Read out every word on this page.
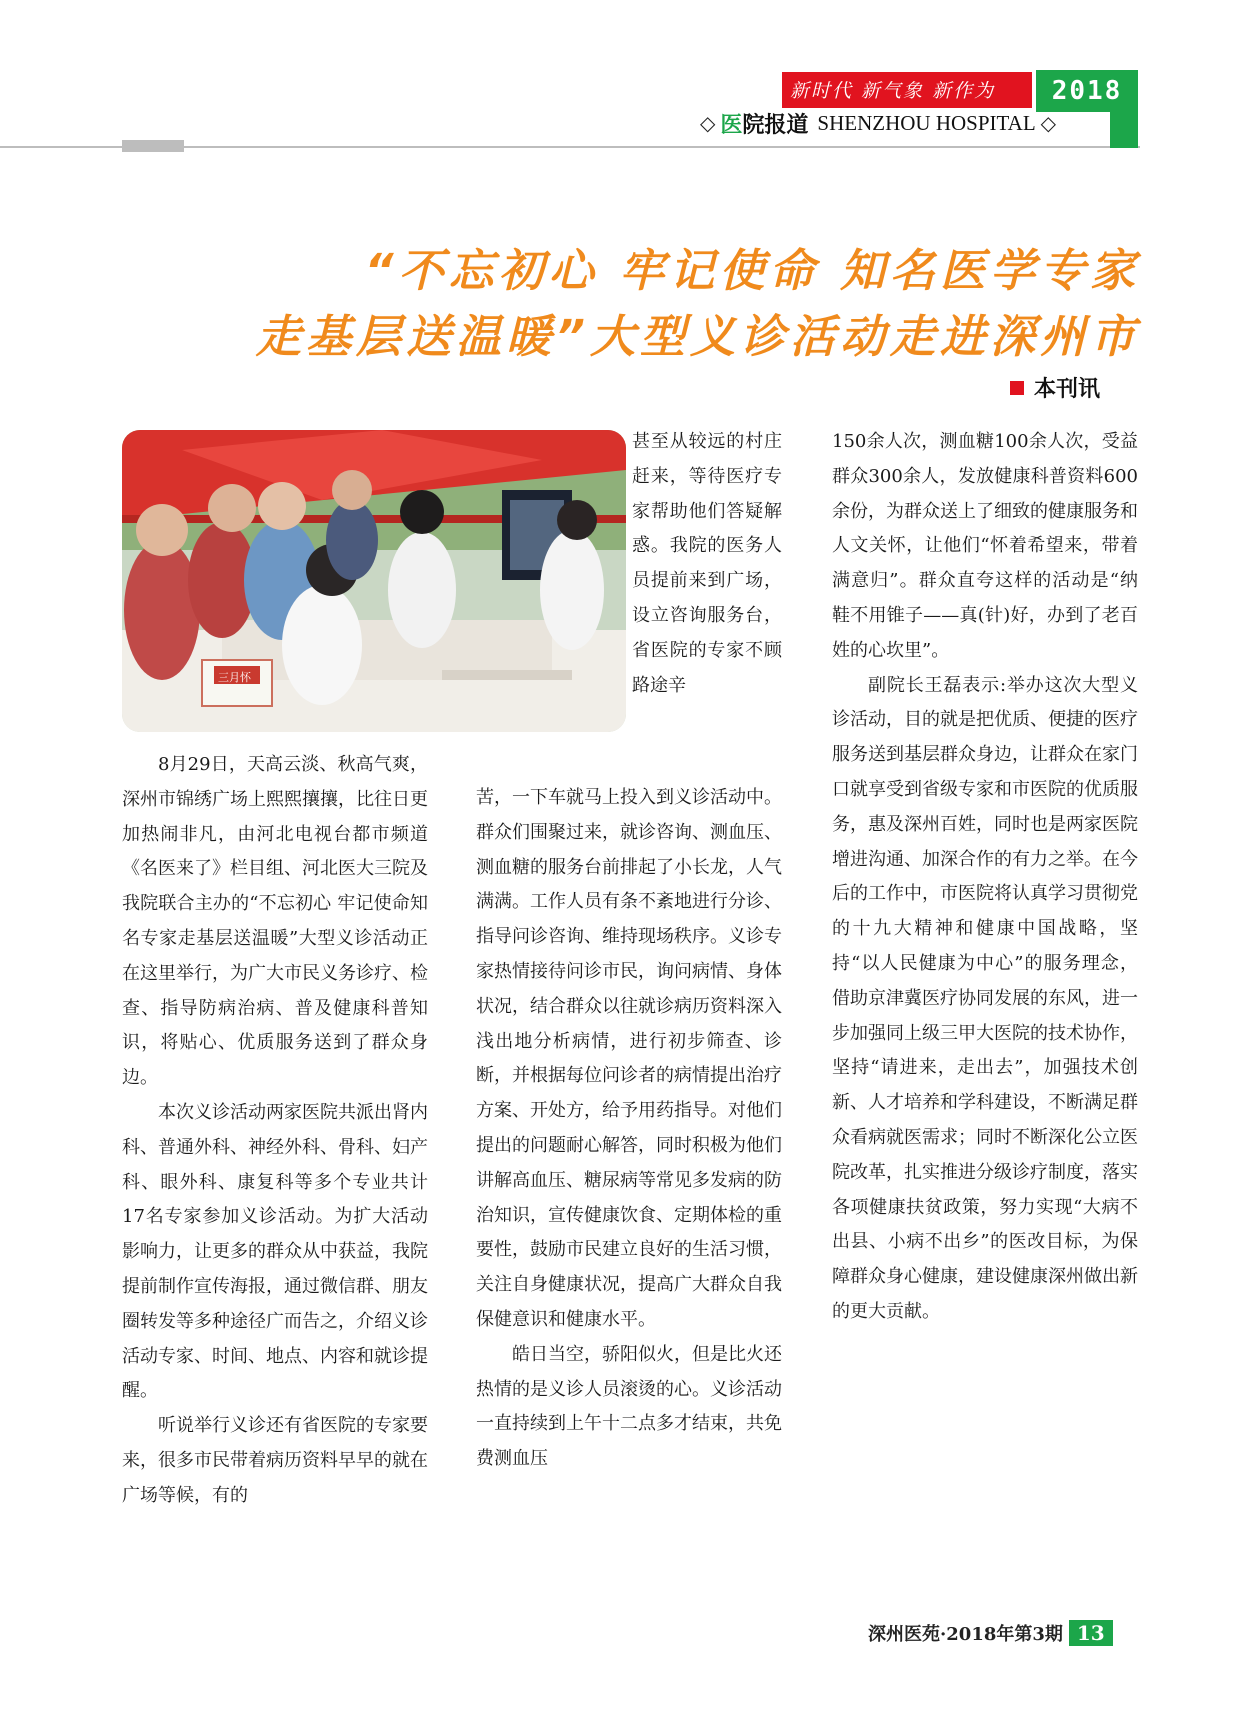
新时代 新气象 新作为	2018
◇ 医院报道 SHENZHOU HOSPITAL ◇
“不忘初心 牢记使命 知名医学专家
走基层送温暖”大型义诊活动走进深州市
本刊讯
三月怀

8月29日，天高云淡、秋高气爽，深州市锦绣广场上熙熙攘攘，比往日更加热闹非凡，由河北电视台都市频道《名医来了》栏目组、河北医大三院及我院联合主办的“不忘初心 牢记使命知名专家走基层送温暖”大型义诊活动正在这里举行，为广大市民义务诊疗、检查、指导防病治病、普及健康科普知识，将贴心、优质服务送到了群众身边。

本次义诊活动两家医院共派出肾内科、普通外科、神经外科、骨科、妇产科、眼外科、康复科等多个专业共计17名专家参加义诊活动。为扩大活动影响力，让更多的群众从中获益，我院提前制作宣传海报，通过微信群、朋友圈转发等多种途径广而告之，介绍义诊活动专家、时间、地点、内容和就诊提醒。

听说举行义诊还有省医院的专家要来，很多市民带着病历资料早早的就在广场等候，有的

甚至从较远的村庄赶来，等待医疗专家帮助他们答疑解惑。我院的医务人员提前来到广场，设立咨询服务台，省医院的专家不顾路途辛

苦，一下车就马上投入到义诊活动中。群众们围聚过来，就诊咨询、测血压、测血糖的服务台前排起了小长龙，人气满满。工作人员有条不紊地进行分诊、指导问诊咨询、维持现场秩序。义诊专家热情接待问诊市民，询问病情、身体状况，结合群众以往就诊病历资料深入浅出地分析病情，进行初步筛查、诊断，并根据每位问诊者的病情提出治疗方案、开处方，给予用药指导。对他们提出的问题耐心解答，同时积极为他们讲解高血压、糖尿病等常见多发病的防治知识，宣传健康饮食、定期体检的重要性，鼓励市民建立良好的生活习惯，关注自身健康状况，提高广大群众自我保健意识和健康水平。

皓日当空，骄阳似火，但是比火还热情的是义诊人员滚烫的心。义诊活动一直持续到上午十二点多才结束，共免费测血压

150余人次，测血糖100余人次，受益群众300余人，发放健康科普资料600余份，为群众送上了细致的健康服务和人文关怀，让他们“怀着希望来，带着满意归”。群众直夸这样的活动是“纳鞋不用锥子——真(针)好，办到了老百姓的心坎里”。

副院长王磊表示:举办这次大型义诊活动，目的就是把优质、便捷的医疗服务送到基层群众身边，让群众在家门口就享受到省级专家和市医院的优质服务，惠及深州百姓，同时也是两家医院增进沟通、加深合作的有力之举。在今后的工作中，市医院将认真学习贯彻党的十九大精神和健康中国战略，坚持“以人民健康为中心”的服务理念，借助京津冀医疗协同发展的东风，进一步加强同上级三甲大医院的技术协作，坚持“请进来，走出去”，加强技术创新、人才培养和学科建设，不断满足群众看病就医需求；同时不断深化公立医院改革，扎实推进分级诊疗制度，落实各项健康扶贫政策，努力实现“大病不出县、小病不出乡”的医改目标，为保障群众身心健康，建设健康深州做出新的更大贡献。

深州医苑·2018年第3期 13
